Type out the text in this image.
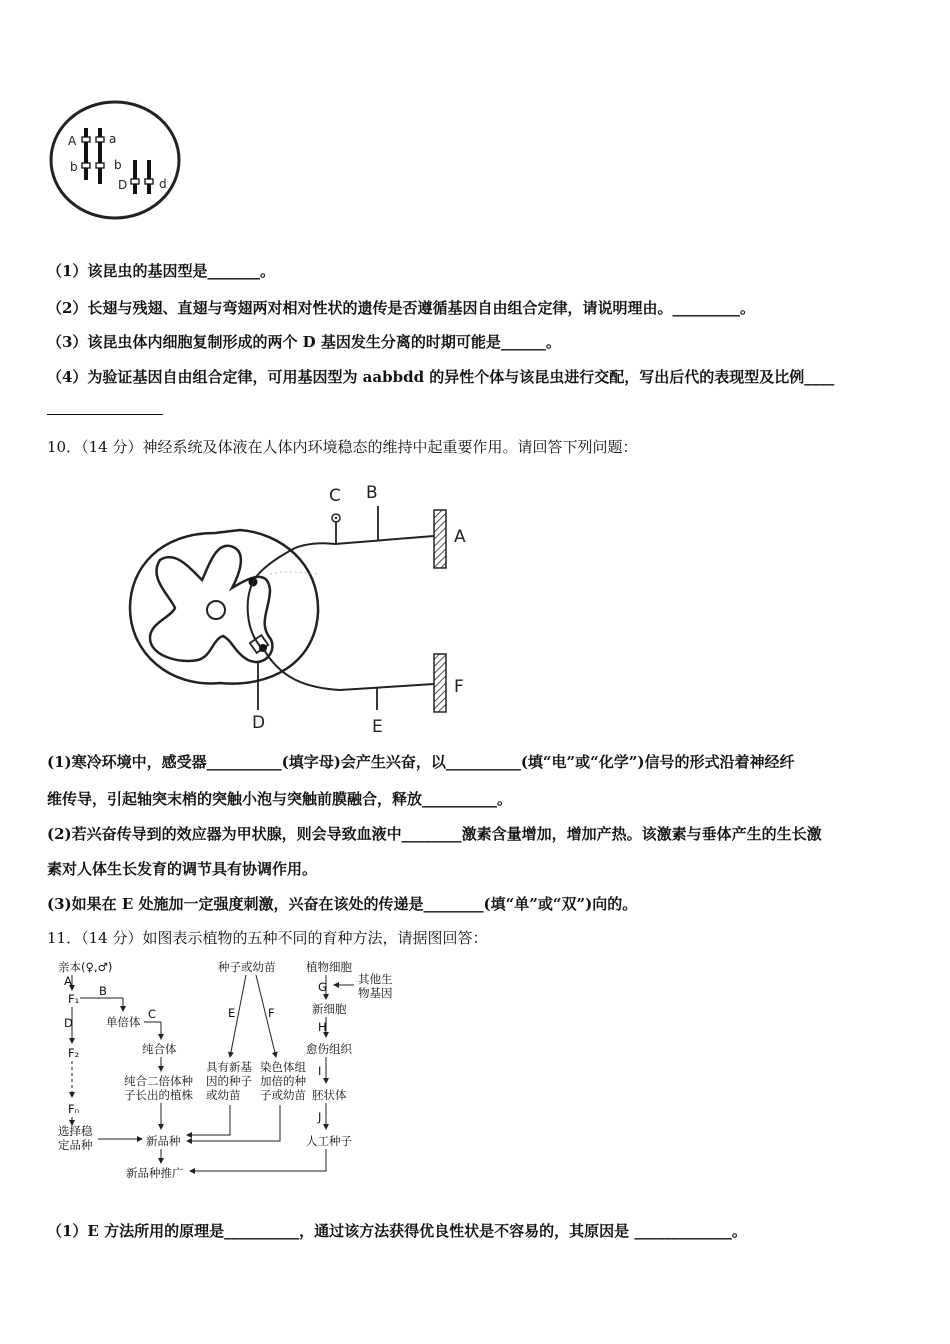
A	a
b	b
D	d
（1）该昆虫的基因型是_______。
（2）长翅与残翅、直翅与弯翅两对相对性状的遗传是否遵循基因自由组合定律，请说明理由。_________。
（3）该昆虫体内细胞复制形成的两个 D 基因发生分离的时期可能是______。
（4）为验证基因自由组合定律，可用基因型为 aabbdd 的异性个体与该昆虫进行交配，写出后代的表现型及比例____
10．（14 分）神经系统及体液在人体内环境稳态的维持中起重要作用。请回答下列问题：
C B
A
F
D	E
(1)寒冷环境中，感受器__________(填字母)会产生兴奋，以__________(填“电”或“化学”)信号的形式沿着神经纤
维传导，引起轴突末梢的突触小泡与突触前膜融合，释放__________。
(2)若兴奋传导到的效应器为甲状腺，则会导致血液中________激素含量增加，增加产热。该激素与垂体产生的生长激
素对人体生长发育的调节具有协调作用。
(3)如果在 E 处施加一定强度刺激，兴奋在该处的传递是________(填“单”或“双”)向的。
11．（14 分）如图表示植物的五种不同的育种方法，请据图回答：
亲本(♀,♂)
A
F₁
B
单倍体
C
纯合体
纯合二倍体种
子长出的植株
D
F₂
Fₙ
选择稳
定品种	新品种
新品种推广
种子或幼苗
E	F
具有新基
因的种子
或幼苗
染色体组
加倍的种
子或幼苗
植物细胞
G
其他生
物基因
新细胞
H
愈伤组织
I
胚状体
J
人工种子
（1）E 方法所用的原理是__________，通过该方法获得优良性状是不容易的，其原因是 _____________。
